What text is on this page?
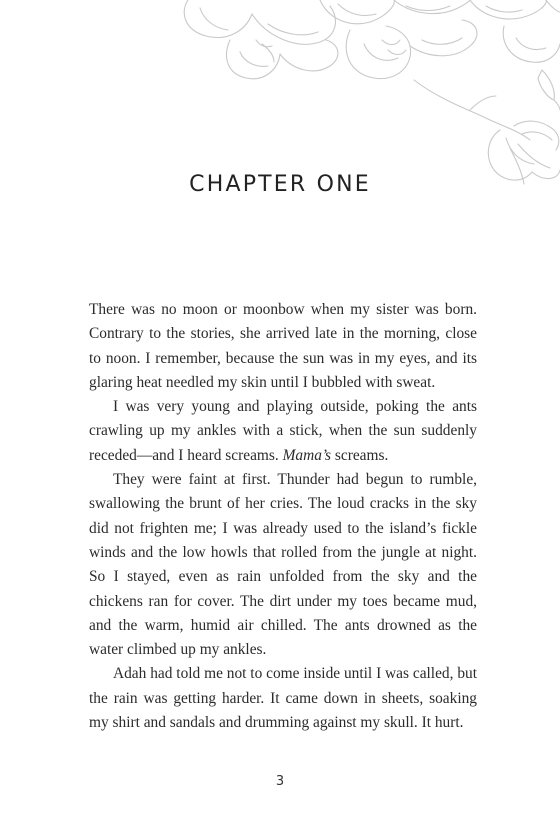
CHAPTER ONE

There was no moon or moonbow when my sister was born. Contrary to the stories, she arrived late in the morning, close to noon. I remember, because the sun was in my eyes, and its glaring heat needled my skin until I bubbled with sweat.

I was very young and playing outside, poking the ants crawling up my ankles with a stick, when the sun suddenly receded—and I heard screams. Mama’s screams.

They were faint at first. Thunder had begun to rumble, swallowing the brunt of her cries. The loud cracks in the sky did not frighten me; I was already used to the island’s fickle winds and the low howls that rolled from the jungle at night. So I stayed, even as rain unfolded from the sky and the chickens ran for cover. The dirt under my toes became mud, and the warm, humid air chilled. The ants drowned as the water climbed up my ankles.

Adah had told me not to come inside until I was called, but the rain was getting harder. It came down in sheets, soaking my shirt and sandals and drumming against my skull. It hurt.

3
